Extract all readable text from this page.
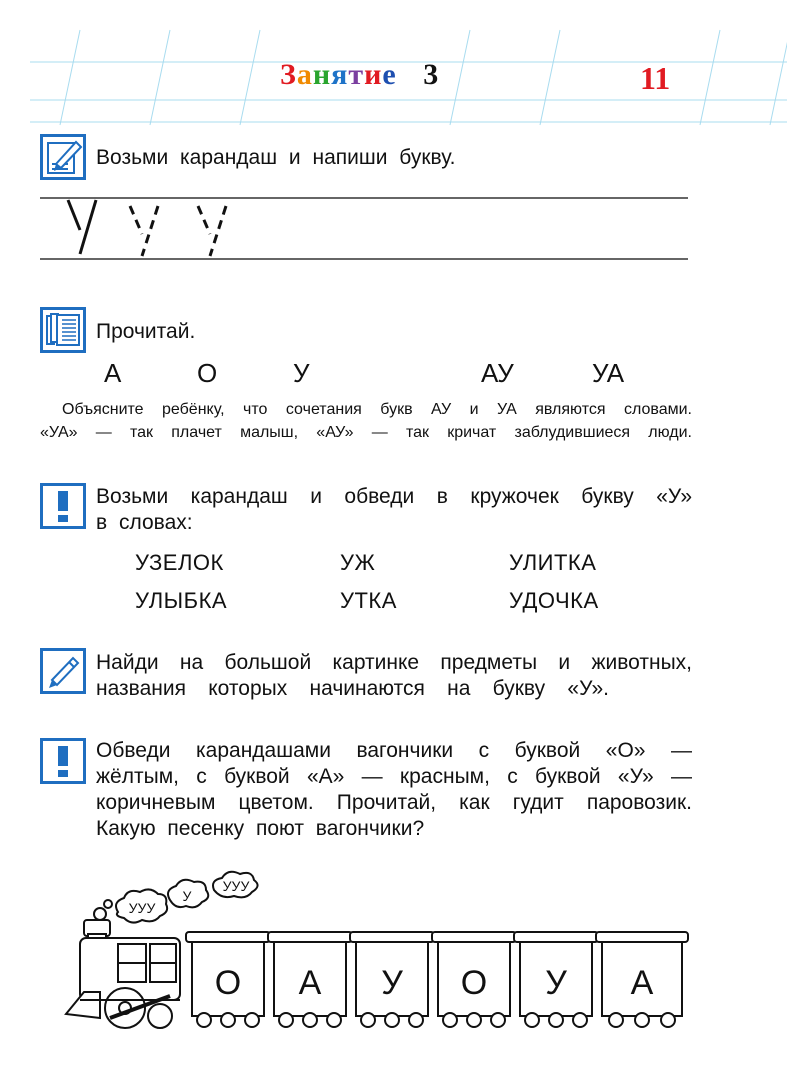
Занятие 3	11
Возьми карандаш и напиши букву.
Прочитай.
А	О	У	АУ	УА
Объясните ребёнку, что сочетания букв АУ и УА являются словами.
«УА» — так плачет малыш, «АУ» — так кричат заблудившиеся люди.
Возьми карандаш и обведи в кружочек букву «У»
в словах:
УЗЕЛОК	УЖ	УЛИТКА
УЛЫБКА	УТКА	УДОЧКА
Найди на большой картинке предметы и животных,
названия которых начинаются на букву «У».
Обведи карандашами вагончики с буквой «О» —
жёлтым, с буквой «А» — красным, с буквой «У» —
коричневым цветом. Прочитай, как гудит паровозик.
Какую песенку поют вагончики?
УУУ
У
УУУ
О А У О У А
